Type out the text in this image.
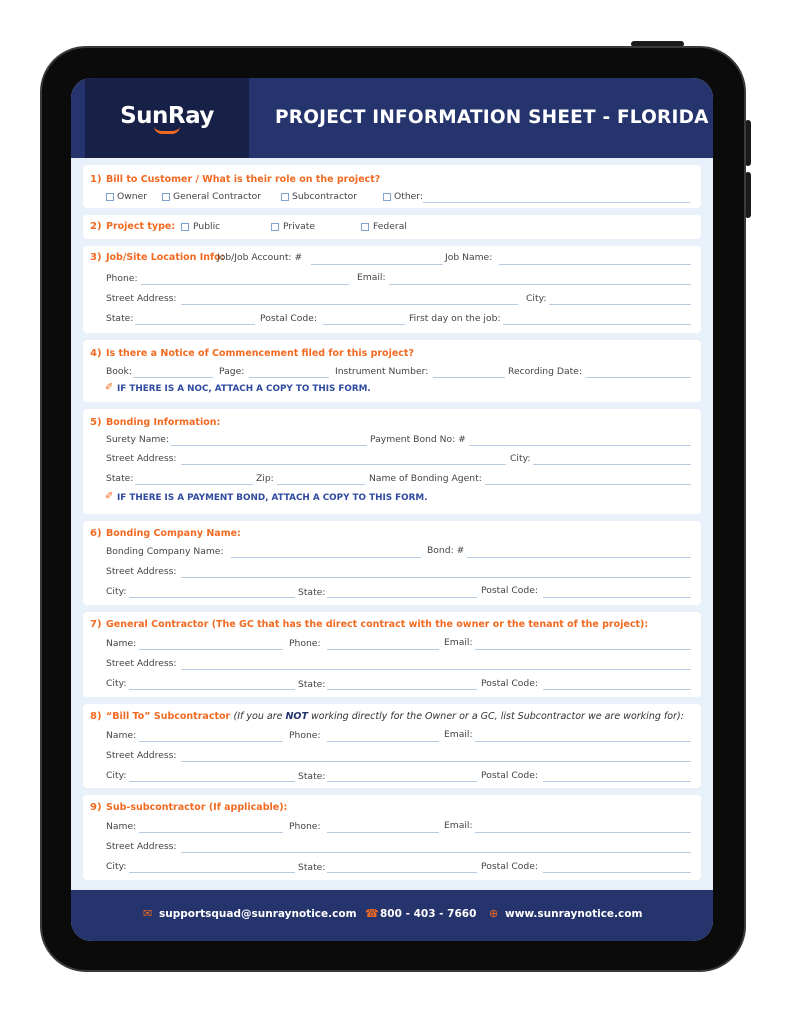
SunRay	PROJECT INFORMATION SHEET - FLORIDA
1) Bill to Customer / What is their role on the project?
Owner	General Contractor	Subcontractor	Other:
2) Project type: Public	Private	Federal
3) Job/Site Location Info:
Job/Job Account: #	Job Name:
Phone:	Email:
Street Address:	City:
State:	Postal Code:	First day on the job:
4) Is there a Notice of Commencement filed for this project?
Book:	Page:	Instrument Number:	Recording Date:
✐ IF THERE IS A NOC, ATTACH A COPY TO THIS FORM.
5) Bonding Information:
Surety Name:	Payment Bond No: #
Street Address:	City:
State:	Zip:	Name of Bonding Agent:
✐ IF THERE IS A PAYMENT BOND, ATTACH A COPY TO THIS FORM.
6) Bonding Company Name:
Bonding Company Name:	Bond: #
Street Address:
City:	State:	Postal Code:
7) General Contractor (The GC that has the direct contract with the owner or the tenant of the project):
Name:	Phone:	Email:
Street Address:
City:	State:	Postal Code:
8) “Bill To” Subcontractor (If you are NOT working directly for the Owner or a GC, list Subcontractor we are working for):
Name:	Phone:	Email:
Street Address:
City:	State:	Postal Code:
9) Sub-subcontractor (If applicable):
Name:	Phone:	Email:
Street Address:
City:	State:	Postal Code:
✉ supportsquad@sunraynotice.com ☎ 800 - 403 - 7660 ⊕ www.sunraynotice.com
